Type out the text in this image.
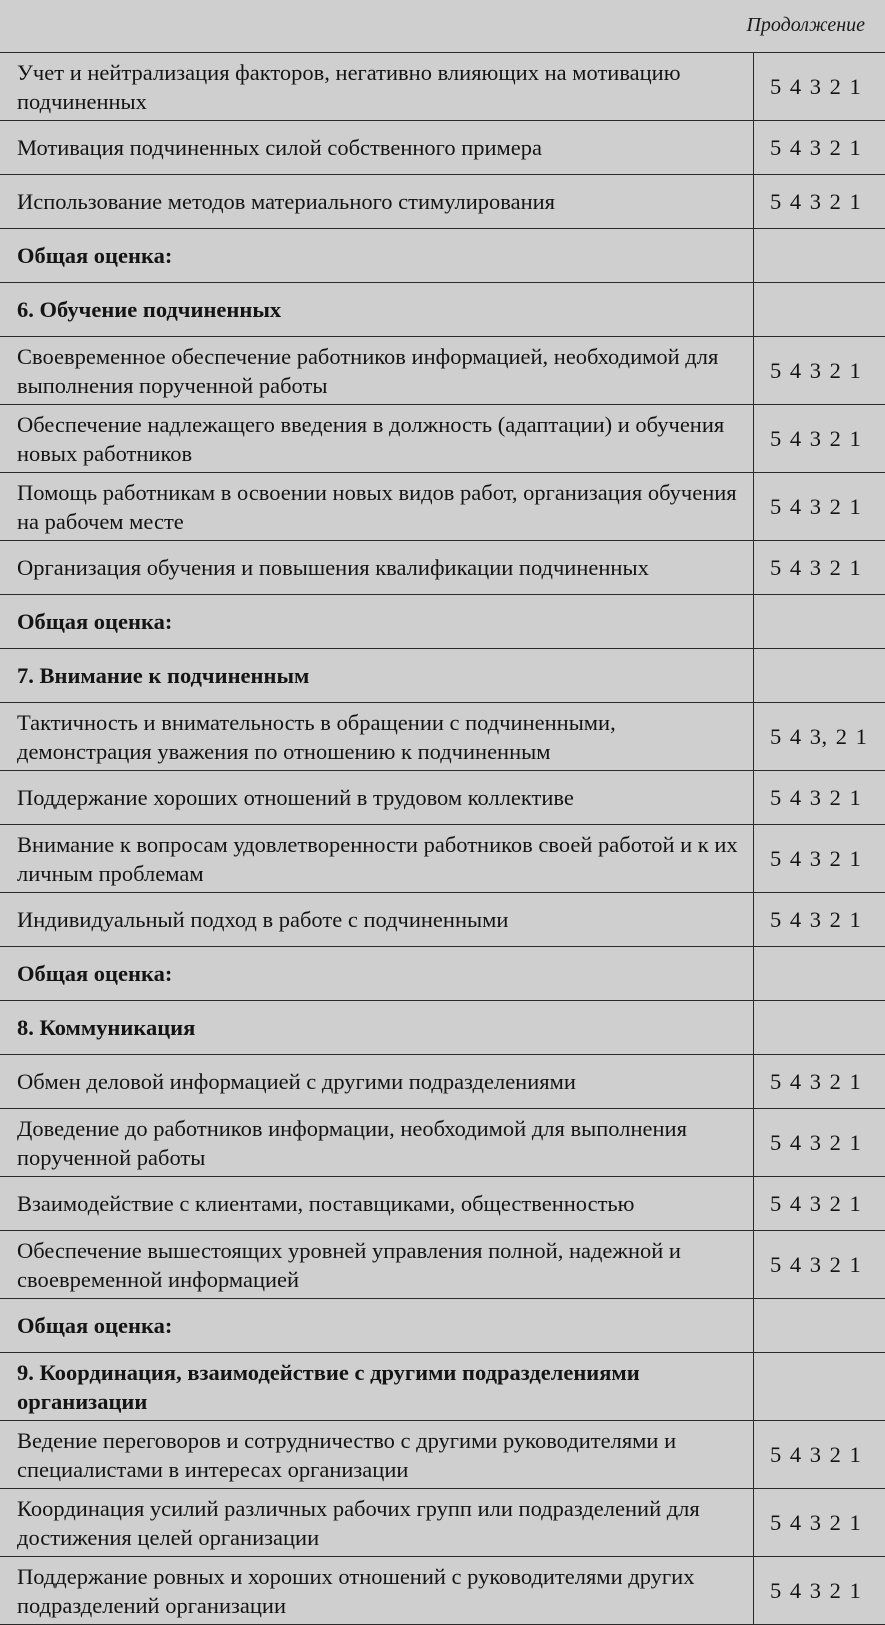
Продолжение
Учет и нейтрализация факторов, негативно влияющих на мотивацию подчиненных	5 4 3 2 1
Мотивация подчиненных силой собственного примера	5 4 3 2 1
Использование методов материального стимулирования	5 4 3 2 1
Общая оценка:	
6. Обучение подчиненных	
Своевременное обеспечение работников информацией, необходимой для выполнения порученной работы	5 4 3 2 1
Обеспечение надлежащего введения в должность (адаптации) и обучения новых работников	5 4 3 2 1
Помощь работникам в освоении новых видов работ, организация обучения на рабочем месте	5 4 3 2 1
Организация обучения и повышения квалификации подчиненных	5 4 3 2 1
Общая оценка:	
7. Внимание к подчиненным	
Тактичность и внимательность в обращении с подчиненными, демонстрация уважения по отношению к подчиненным	5 4 3, 2 1
Поддержание хороших отношений в трудовом коллективе	5 4 3 2 1
Внимание к вопросам удовлетворенности работников своей работой и к их личным проблемам	5 4 3 2 1
Индивидуальный подход в работе с подчиненными	5 4 3 2 1
Общая оценка:	
8. Коммуникация	
Обмен деловой информацией с другими подразделениями	5 4 3 2 1
Доведение до работников информации, необходимой для выполнения порученной работы	5 4 3 2 1
Взаимодействие с клиентами, поставщиками, общественностью	5 4 3 2 1
Обеспечение вышестоящих уровней управления полной, надежной и своевременной информацией	5 4 3 2 1
Общая оценка:	
9. Координация, взаимодействие с другими подразделениями организации	
Ведение переговоров и сотрудничество с другими руководителями и специалистами в интересах организации	5 4 3 2 1
Координация усилий различных рабочих групп или подразделений для достижения целей организации	5 4 3 2 1
Поддержание ровных и хороших отношений с руководителями других подразделений организации	5 4 3 2 1
